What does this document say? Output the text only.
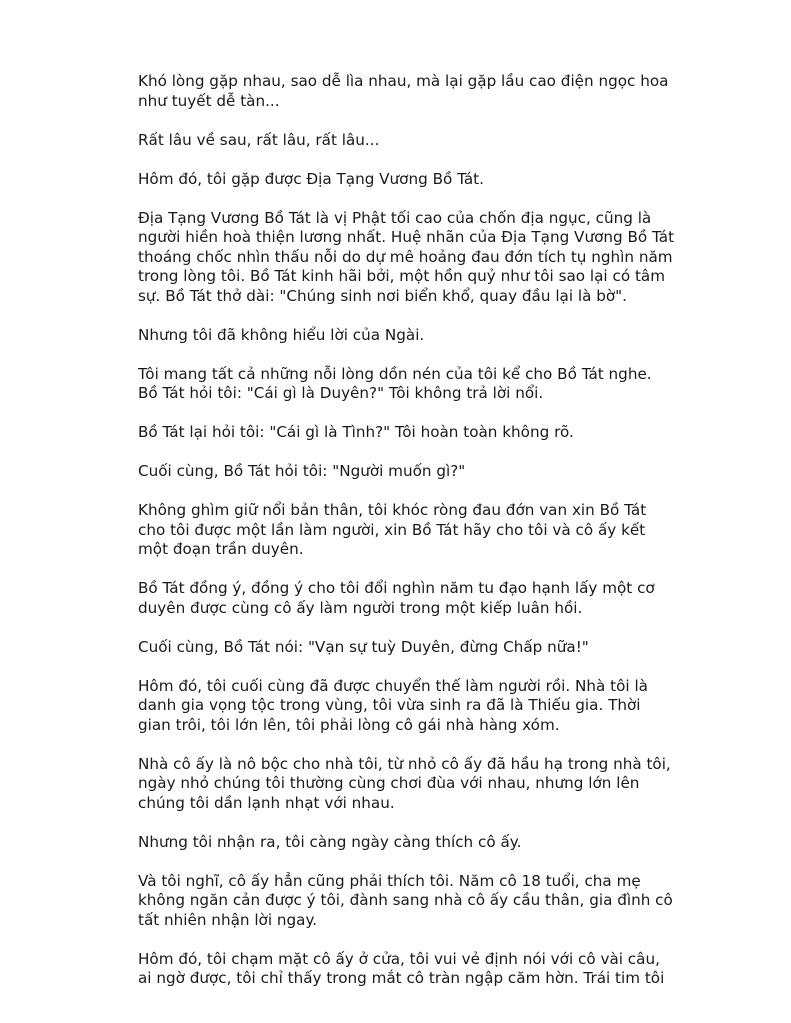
Khó lòng gặp nhau, sao dễ lìa nhau, mà lại gặp lầu cao điện ngọc hoa
như tuyết dễ tàn...

Rất lâu về sau, rất lâu, rất lâu...

Hôm đó, tôi gặp được Địa Tạng Vương Bồ Tát.

Địa Tạng Vương Bồ Tát là vị Phật tối cao của chốn địa ngục, cũng là
người hiền hoà thiện lương nhất. Huệ nhãn của Địa Tạng Vương Bồ Tát
thoáng chốc nhìn thấu nỗi do dự mê hoảng đau đớn tích tụ nghìn năm
trong lòng tôi. Bồ Tát kinh hãi bởi, một hồn quỷ như tôi sao lại có tâm
sự. Bồ Tát thở dài: "Chúng sinh nơi biển khổ, quay đầu lại là bờ".

Nhưng tôi đã không hiểu lời của Ngài.

Tôi mang tất cả những nỗi lòng dồn nén của tôi kể cho Bồ Tát nghe.
Bồ Tát hỏi tôi: "Cái gì là Duyên?" Tôi không trả lời nổi.

Bồ Tát lại hỏi tôi: "Cái gì là Tình?" Tôi hoàn toàn không rõ.

Cuối cùng, Bồ Tát hỏi tôi: "Người muốn gì?"

Không ghìm giữ nổi bản thân, tôi khóc ròng đau đớn van xin Bồ Tát
cho tôi được một lần làm người, xin Bồ Tát hãy cho tôi và cô ấy kết
một đoạn trần duyên.

Bồ Tát đồng ý, đồng ý cho tôi đổi nghìn năm tu đạo hạnh lấy một cơ
duyên được cùng cô ấy làm người trong một kiếp luân hồi.

Cuối cùng, Bồ Tát nói: "Vạn sự tuỳ Duyên, đừng Chấp nữa!"

Hôm đó, tôi cuối cùng đã được chuyển thế làm người rồi. Nhà tôi là
danh gia vọng tộc trong vùng, tôi vừa sinh ra đã là Thiếu gia. Thời
gian trôi, tôi lớn lên, tôi phải lòng cô gái nhà hàng xóm.

Nhà cô ấy là nô bộc cho nhà tôi, từ nhỏ cô ấy đã hầu hạ trong nhà tôi,
ngày nhỏ chúng tôi thường cùng chơi đùa với nhau, nhưng lớn lên
chúng tôi dần lạnh nhạt với nhau.

Nhưng tôi nhận ra, tôi càng ngày càng thích cô ấy.

Và tôi nghĩ, cô ấy hẳn cũng phải thích tôi. Năm cô 18 tuổi, cha mẹ
không ngăn cản được ý tôi, đành sang nhà cô ấy cầu thân, gia đình cô
tất nhiên nhận lời ngay.

Hôm đó, tôi chạm mặt cô ấy ở cửa, tôi vui vẻ định nói với cô vài câu,
ai ngờ được, tôi chỉ thấy trong mắt cô tràn ngập căm hờn. Trái tim tôi
